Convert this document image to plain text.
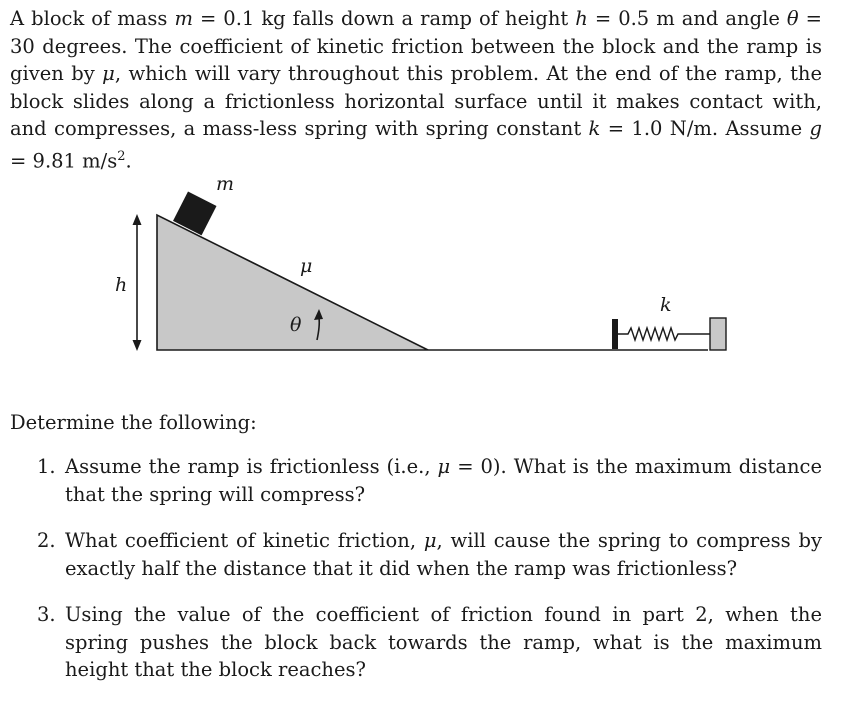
A block of mass m = 0.1 kg falls down a ramp of height h = 0.5 m and angle θ = 30 degrees. The coefficient of kinetic friction between the block and the ramp is given by μ, which will vary throughout this problem. At the end of the ramp, the block slides along a frictionless horizontal surface until it makes contact with, and compresses, a mass-less spring with spring constant k = 1.0 N/m. Assume g = 9.81 $m/s^2$.

m
μ
h
θ
k

Determine the following:

1. Assume the ramp is frictionless (i.e., μ = 0). What is the maximum distance that the spring will compress?
2. What coefficient of kinetic friction, μ, will cause the spring to compress by exactly half the distance that it did when the ramp was frictionless?
3. Using the value of the coefficient of friction found in part 2, when the spring pushes the block back towards the ramp, what is the maximum height that the block reaches?
